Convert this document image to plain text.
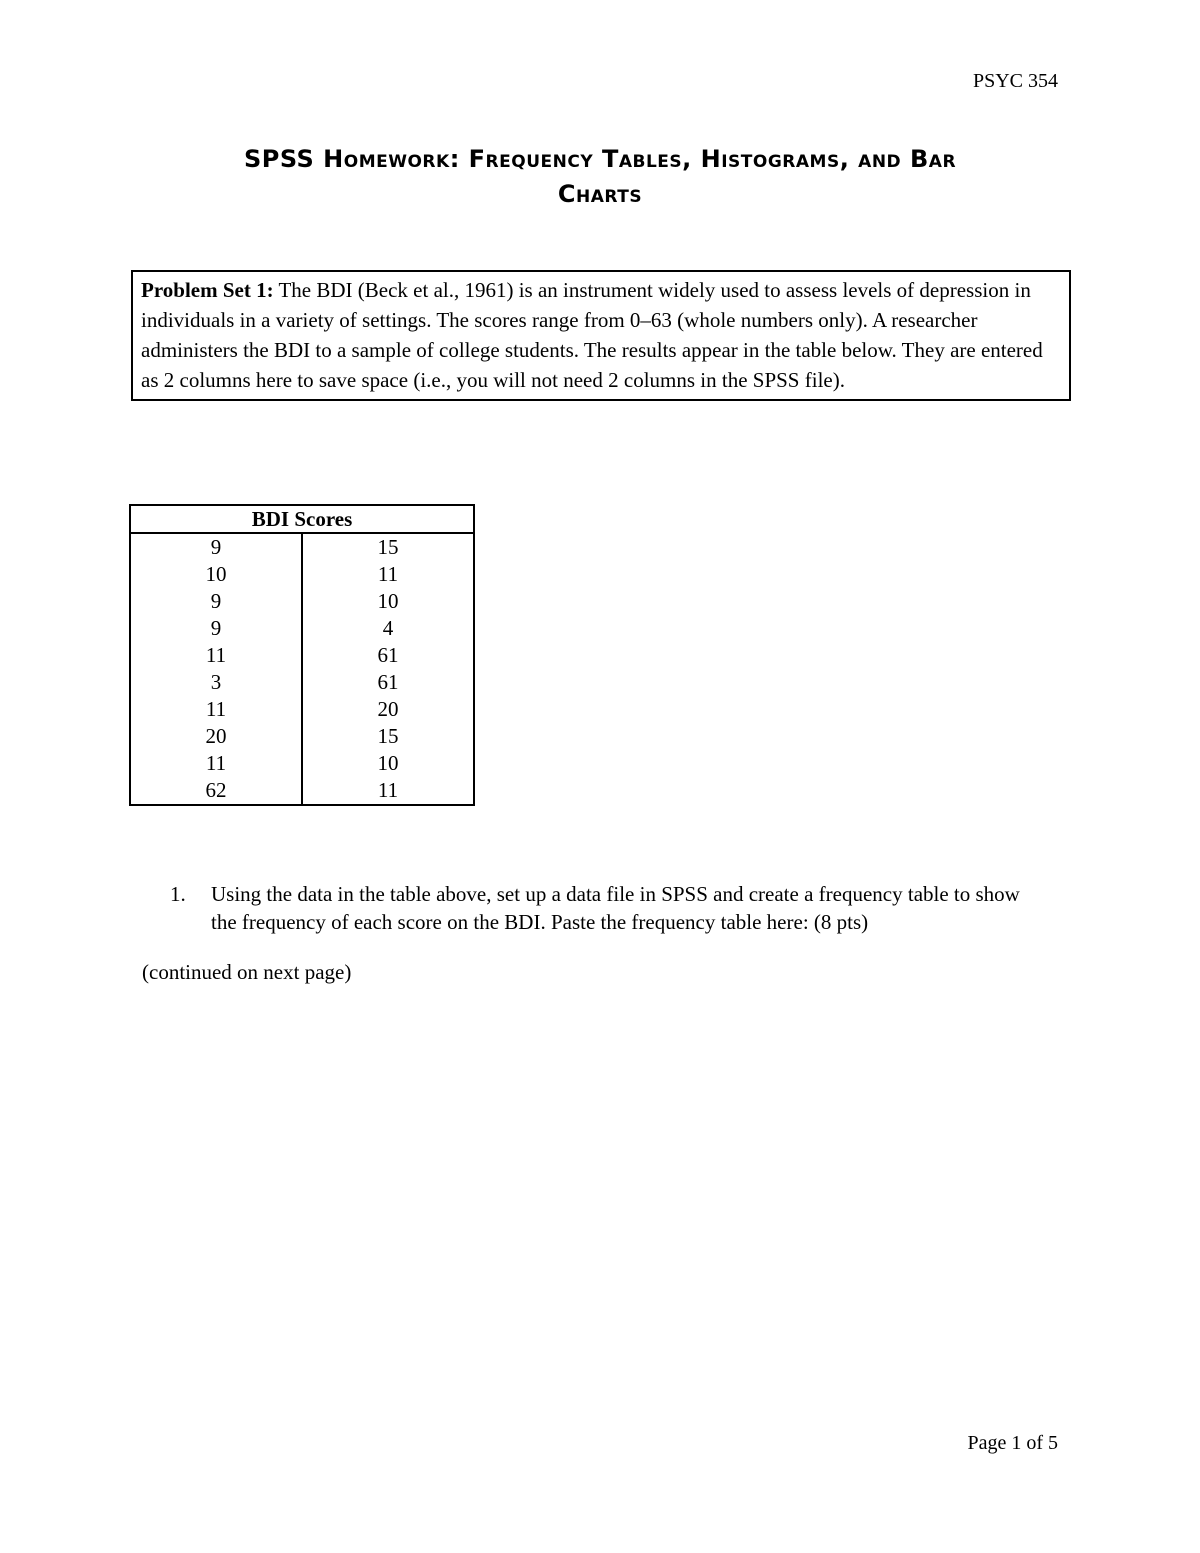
PSYC 354
SPSS Homework: Frequency Tables, Histograms, and Bar
Charts
Problem Set 1: The BDI (Beck et al., 1961) is an instrument widely used to assess levels of depression in individuals in a variety of settings. The scores range from 0–63 (whole numbers only). A researcher administers the BDI to a sample of college students. The results appear in the table below. They are entered as 2 columns here to save space (i.e., you will not need 2 columns in the SPSS file).
BDI Scores	
9	15
10	11
9	10
9	4
11	61
3	61
11	20
20	15
11	10
62	11
1. Using the data in the table above, set up a data file in SPSS and create a frequency table to show the frequency of each score on the BDI. Paste the frequency table here: (8 pts)
(continued on next page)
Page 1 of 5
